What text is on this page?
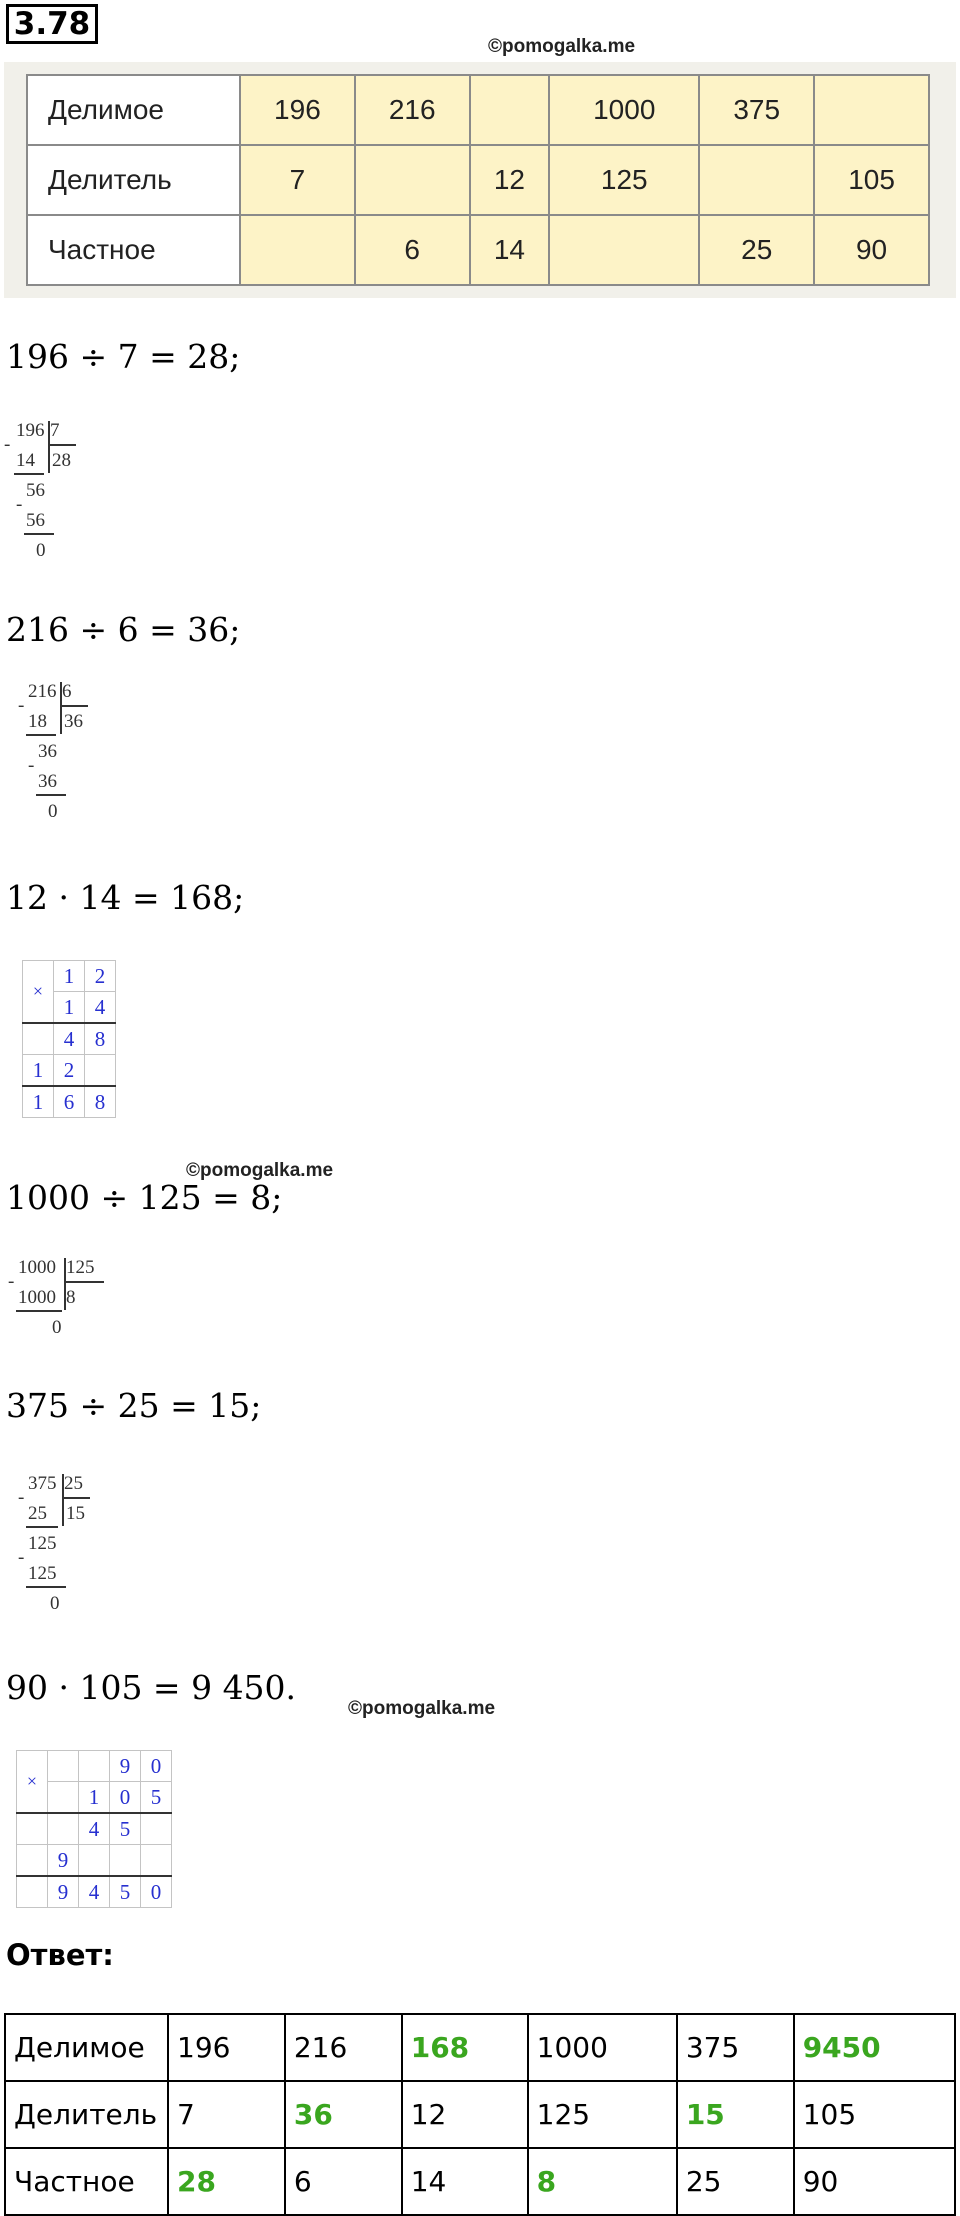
3.78
©pomogalka.me
Делимое	196	216		1000	375	
Делитель	7		12	125		105
Частное		6	14		25	90
196 ÷ 7 = 28;
196 7
-
14 28
56
-
56
0
216 ÷ 6 = 36;
216 6
-
18 36
36
-
36
0
12 · 14 = 168;
×	1	2
	1	4
	4	8
1	2	
1	6	8
©pomogalka.me
1000 ÷ 125 = 8;
1000 125
-
1000 8
0
375 ÷ 25 = 15;
375 25
-
25 15
125
-
125
0
90 · 105 = 9 450.
©pomogalka.me
×			9	0
		1	0	5
		4	5	
	9			
	9	4	5	0
Ответ:
Делимое	196	216	168	1000	375	9450
Делитель	7	36	12	125	15	105
Частное	28	6	14	8	25	90
